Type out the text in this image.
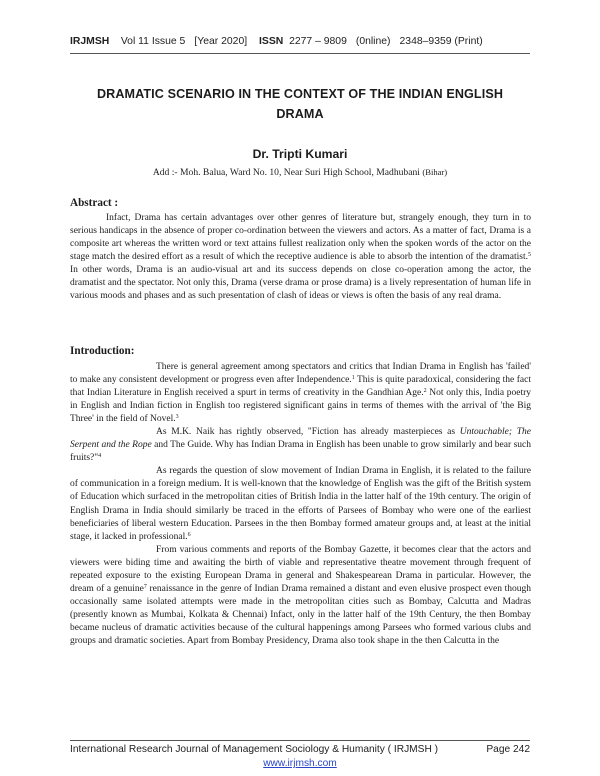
IRJMSH Vol 11 Issue 5 [Year 2020] ISSN 2277 – 9809 (0nline) 2348–9359 (Print)
DRAMATIC SCENARIO IN THE CONTEXT OF THE INDIAN ENGLISH
DRAMA
Dr. Tripti Kumari
Add :- Moh. Balua, Ward No. 10, Near Suri High School, Madhubani (Bihar)
Abstract :

Infact, Drama has certain advantages over other genres of literature but, strangely enough, they turn in to serious handicaps in the absence of proper co-ordination between the viewers and actors. As a matter of fact, Drama is a composite art whereas the written word or text attains fullest realization only when the spoken words of the actor on the stage match the desired effort as a result of which the receptive audience is able to absorb the intention of the dramatist.$^5$ In other words, Drama is an audio-visual art and its success depends on close co-operation among the actor, the dramatist and the spectator. Not only this, Drama (verse drama or prose drama) is a lively representation of human life in various moods and phases and as such presentation of clash of ideas or views is often the basis of any real drama.

Introduction:

There is general agreement among spectators and critics that Indian Drama in English has 'failed' to make any consistent development or progress even after Independence.$^1$ This is quite paradoxical, considering the fact that Indian Literature in English received a spurt in terms of creativity in the Gandhian Age.$^2$ Not only this, India poetry in English and Indian fiction in English too registered significant gains in terms of themes with the arrival of 'the Big Three' in the field of Novel.$^3$

As M.K. Naik has rightly observed, "Fiction has already masterpieces as Untouchable; The Serpent and the Rope and The Guide. Why has Indian Drama in English has been unable to grow similarly and bear such fruits?"$^4$

As regards the question of slow movement of Indian Drama in English, it is related to the failure of communication in a foreign medium. It is well-known that the knowledge of English was the gift of the British system of Education which surfaced in the metropolitan cities of British India in the latter half of the 19th century. The origin of English Drama in India should similarly be traced in the efforts of Parsees of Bombay who were one of the earliest beneficiaries of liberal western Education. Parsees in the then Bombay formed amateur groups and, at least at the initial stage, it lacked in professional.$^6$

From various comments and reports of the Bombay Gazette, it becomes clear that the actors and viewers were biding time and awaiting the birth of viable and representative theatre movement through frequent of repeated exposure to the existing European Drama in general and Shakespearean Drama in particular. However, the dream of a genuine$^7$ renaissance in the genre of Indian Drama remained a distant and even elusive prospect even though occasionally same isolated attempts were made in the metropolitan cities such as Bombay, Calcutta and Madras (presently known as Mumbai, Kolkata & Chennai) Infact, only in the latter half of the 19th Century, the then Bombay became nucleus of dramatic activities because of the cultural happenings among Parsees who formed various clubs and groups and dramatic societies. Apart from Bombay Presidency, Drama also took shape in the then Calcutta in the

International Research Journal of Management Sociology & Humanity ( IRJMSH )	Page 242
www.irjmsh.com
